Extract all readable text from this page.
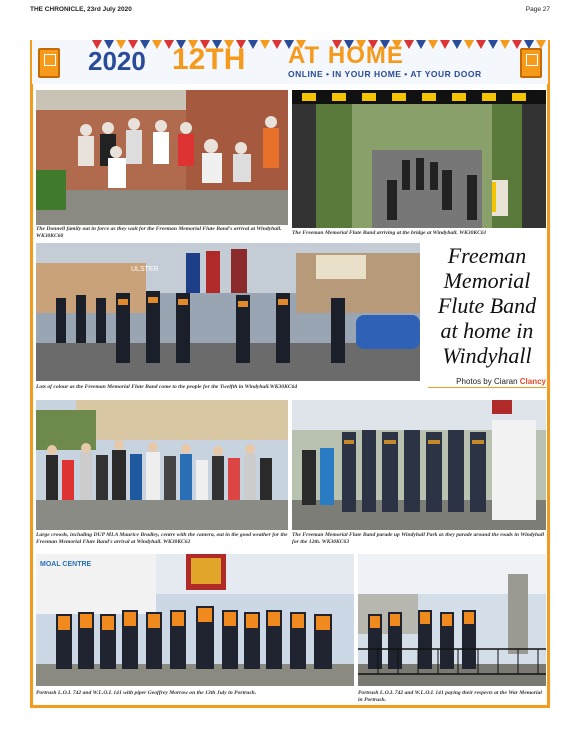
THE CHRONICLE, 23rd July 2020	Page 27
2020 12TH AT HOME
ONLINE • IN YOUR HOME • AT YOUR DOOR
The Donnell family out in force as they wait for the Freeman Memorial Flute Band's arrival at Windyhall. WK30KC60	The Freeman Memorial Flute Band arriving at the bridge at Windyhall. WK30KC61
ULSTER
Lots of colour as the Freeman Memorial Flute Band come to the people for the Twelfth in Windyhall.WK30KC64
Freeman Memorial Flute Band at home in Windyhall
Photos by Ciaran Clancy
Large crowds, including DUP MLA Maurice Bradley, centre with the camera, out in the good weather for the Freeman Memorial Flute Band's arrival at Windyhall. WK30KC62
The Freeman Memorial Flute Band parade up Windyhall Park as they parade around the roads in Windyhall for the 12th. WK30KC63
MOAL CENTRE
Portrush L.O.L 742 and W.L.O.L 141 with piper Geoffrey Morrow on the 13th July in Portrush.	Portrush L.O.L 742 and W.L.O.L 141 paying their respects at the War Memorial in Portrush.
